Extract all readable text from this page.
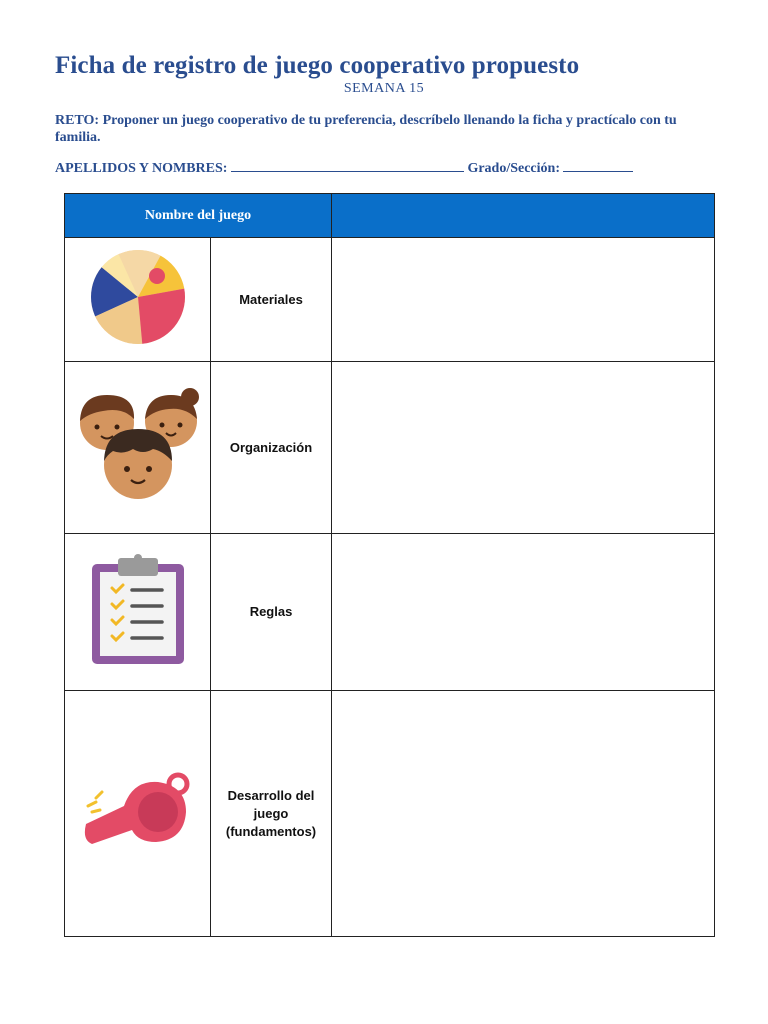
Ficha de registro de juego cooperativo propuesto
SEMANA 15
RETO: Proponer un juego cooperativo de tu preferencia, descríbelo llenando la ficha y practícalo con tu familia.
APELLIDOS Y NOMBRES:	Grado/Sección:
Nombre del juego		
	Materiales	
	Organización	
	Reglas	
	Desarrollo del
juego
(fundamentos)	
